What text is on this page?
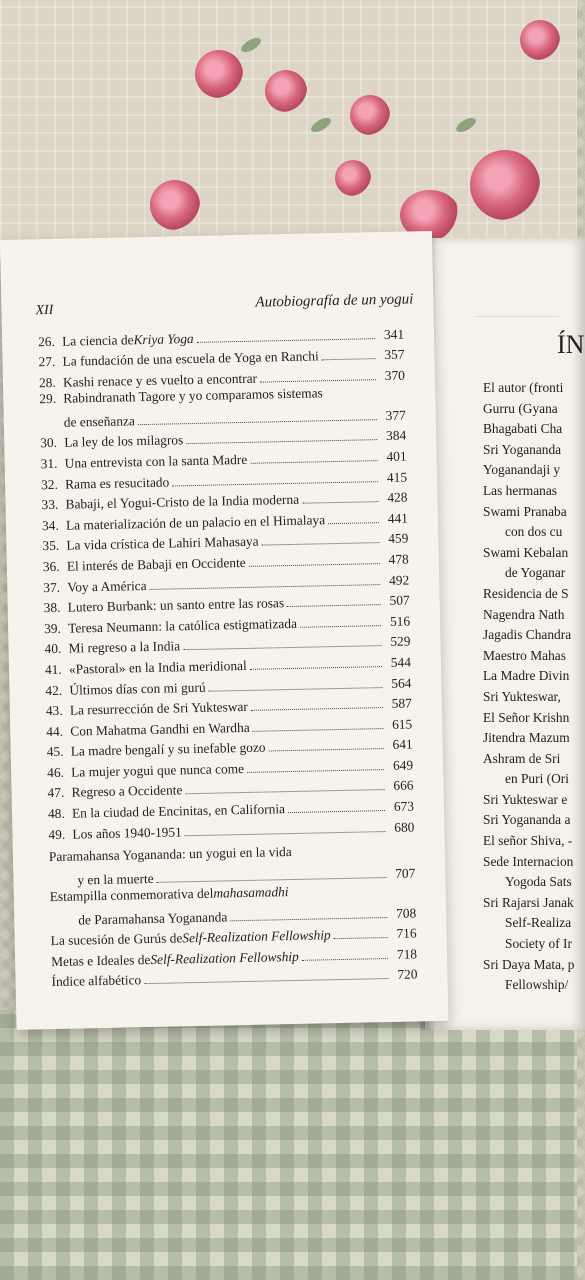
———————
ÍN
El autor (fronti
Gurru (Gyana
Bhagabati Cha
Sri Yogananda
Yoganandaji y
Las hermanas
Swami Pranaba
con dos cu
Swami Kebalan
de Yoganar
Residencia de S
Nagendra Nath
Jagadis Chandra
Maestro Mahas
La Madre Divin
Sri Yukteswar,
El Señor Krishn
Jitendra Mazum
Ashram de Sri
en Puri (Ori
Sri Yukteswar e
Sri Yogananda a
El señor Shiva, -
Sede Internacion
Yogoda Sats
Sri Rajarsi Janak
Self-Realiza
Society of Ir
Sri Daya Mata, p
Fellowship/
XII	Autobiografía de un yogui
26. La ciencia de Kriya Yoga	341
27. La fundación de una escuela de Yoga en Ranchi	357
28. Kashi renace y es vuelto a encontrar	370
29. Rabindranath Tagore y yo comparamos sistemas
de enseñanza	377
30. La ley de los milagros	384
31. Una entrevista con la santa Madre	401
32. Rama es resucitado	415
33. Babaji, el Yogui-Cristo de la India moderna	428
34. La materialización de un palacio en el Himalaya	441
35. La vida crística de Lahiri Mahasaya	459
36. El interés de Babaji en Occidente	478
37. Voy a América	492
38. Lutero Burbank: un santo entre las rosas	507
39. Teresa Neumann: la católica estigmatizada	516
40. Mi regreso a la India	529
41. «Pastoral» en la India meridional	544
42. Últimos días con mi gurú	564
43. La resurrección de Sri Yukteswar	587
44. Con Mahatma Gandhi en Wardha	615
45. La madre bengalí y su inefable gozo	641
46. La mujer yogui que nunca come	649
47. Regreso a Occidente	666
48. En la ciudad de Encinitas, en California	673
49. Los años 1940-1951	680
Paramahansa Yogananda: un yogui en la vida
y en la muerte	707
Estampilla conmemorativa del mahasamadhi
de Paramahansa Yogananda	708
La sucesión de Gurús de Self-Realization Fellowship	716
Metas e Ideales de Self-Realization Fellowship	718
Índice alfabético	720
